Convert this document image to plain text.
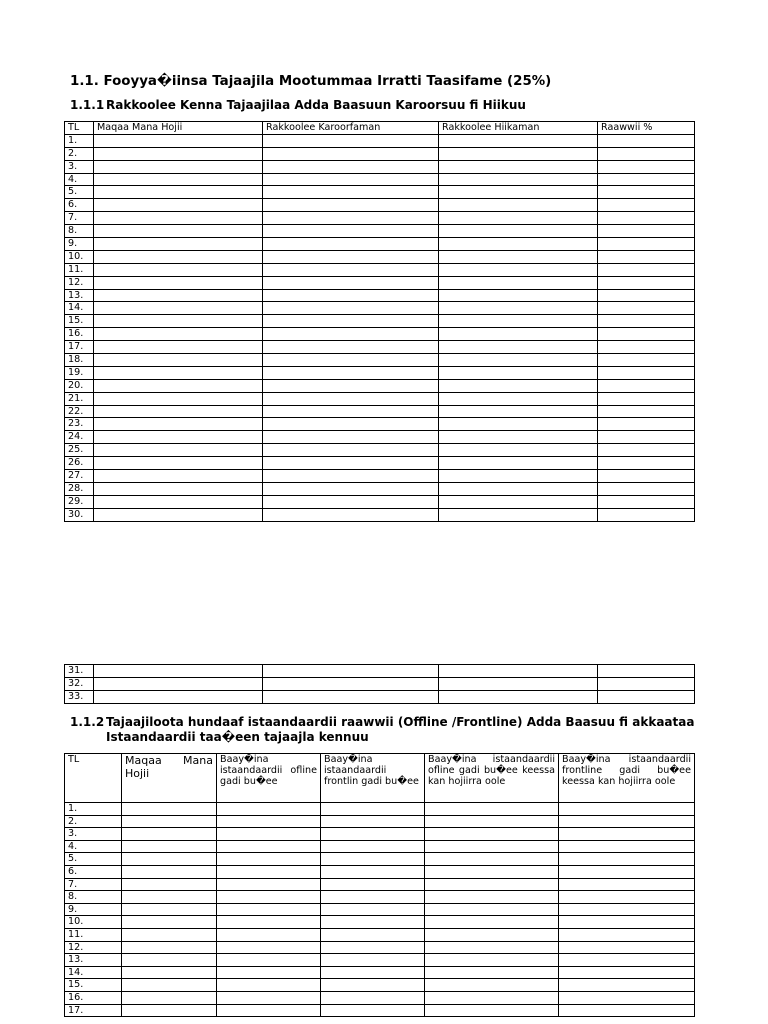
1.1. Fooyya�iinsa Tajaajila Mootummaa Irratti Taasifame (25%)
1.1.1 Rakkoolee Kenna Tajaajilaa Adda Baasuun Karoorsuu fi Hiikuu
TL	Maqaa Mana Hojii	Rakkoolee Karoorfaman	Rakkoolee Hiikaman	Raawwii %
1.				
2.				
3.				
4.				
5.				
6.				
7.				
8.				
9.				
10.				
11.				
12.				
13.				
14.				
15.				
16.				
17.				
18.				
19.				
20.				
21.				
22.				
23.				
24.				
25.				
26.				
27.				
28.				
29.				
30.				
31.				
32.				
33.				
1.1.2 Tajaajiloota hundaaf istaandaardii raawwii (Offline /Frontline) Adda Baasuu fi akkaataa
Istaandaardii taa�een tajaajla kennuu
TL	Maqaa Mana Hojii	Baay�ina istaandaardii ofline gadi bu�ee	Baay�ina istaandaardii frontlin gadi bu�ee	Baay�ina istaandaardii ofline gadi bu�ee keessa kan hojiirra oole	Baay�ina istaandaardii frontline gadi bu�ee keessa kan hojiirra oole
1.					
2.					
3.					
4.					
5.					
6.					
7.					
8.					
9.					
10.					
11.					
12.					
13.					
14.					
15.					
16.					
17.					
